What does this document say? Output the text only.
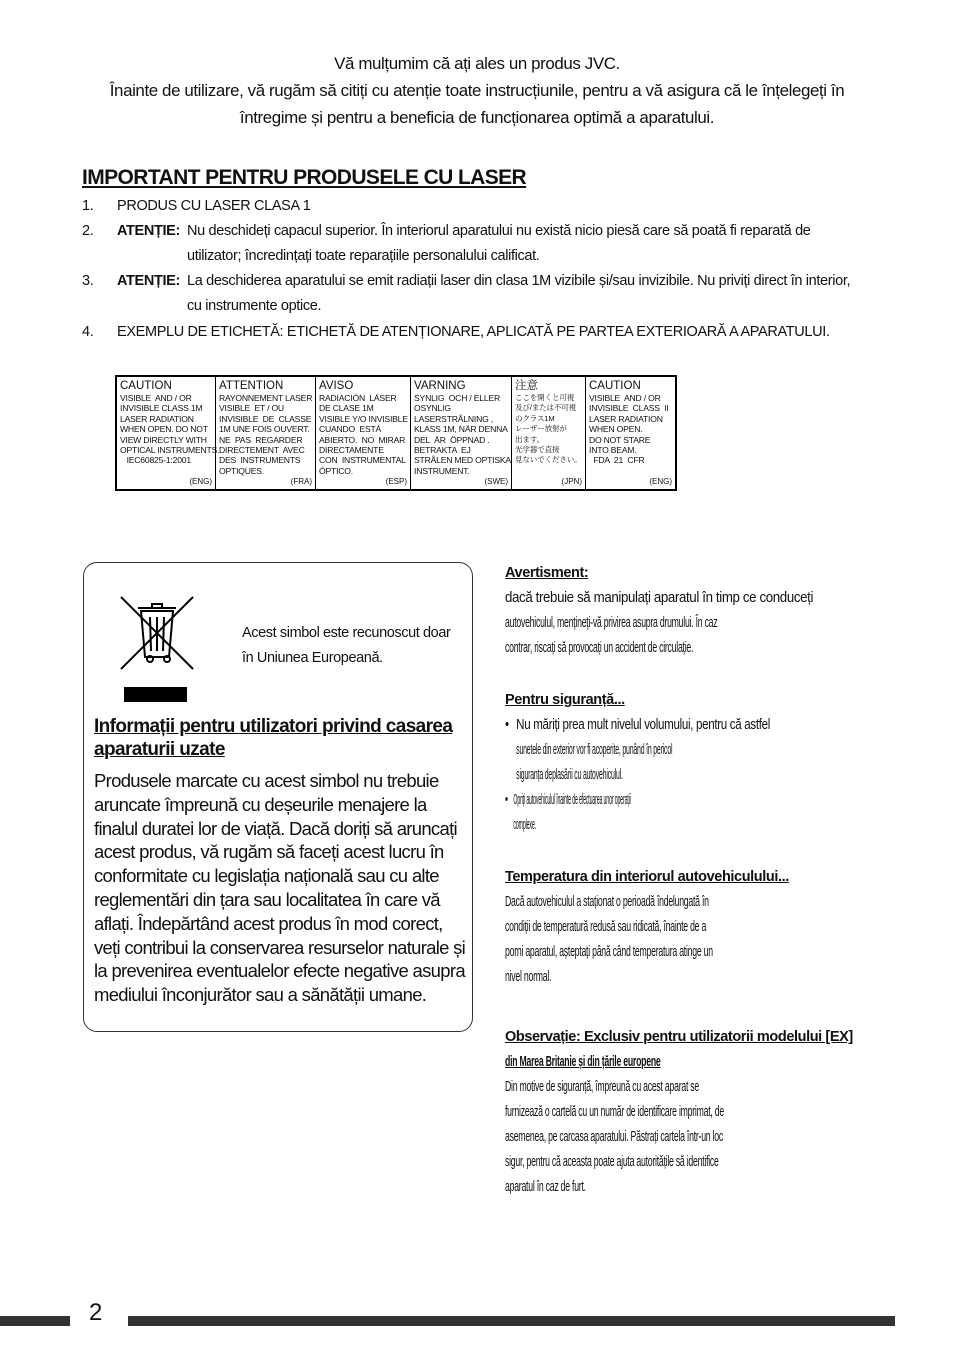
Vă mulțumim că ați ales un produs JVC.
Înainte de utilizare, vă rugăm să citiți cu atenție toate instrucțiunile, pentru a vă asigura că le înțelegeți în
întregime și pentru a beneficia de funcționarea optimă a aparatului.
IMPORTANT PENTRU PRODUSELE CU LASER
1.	PRODUS CU LASER CLASA 1
2.	ATENȚIE: Nu deschideți capacul superior. În interiorul aparatului nu există nicio piesă care să poată fi reparată de
utilizator; încredințați toate reparațiile personalului calificat.
3.	ATENȚIE: La deschiderea aparatului se emit radiații laser din clasa 1M vizibile și/sau invizibile. Nu priviți direct în interior,
cu instrumente optice.
4.	EXEMPLU DE ETICHETĂ: ETICHETĂ DE ATENȚIONARE, APLICATĂ PE PARTEA EXTERIOARĂ A APARATULUI.
CAUTION
VISIBLE  AND / OR
INVISIBLE CLASS 1M
LASER RADIATION
WHEN OPEN. DO NOT
VIEW DIRECTLY WITH
OPTICAL INSTRUMENTS.
IEC60825-1:2001
(ENG)
ATTENTION
RAYONNEMENT LASER
VISIBLE  ET / OU
INVISIBLE  DE  CLASSE
1M UNE FOIS OUVERT.
NE  PAS  REGARDER
DIRECTEMENT  AVEC
DES  INSTRUMENTS
OPTIQUES.
(FRA)
AVISO
RADIACIÓN  LÁSER
DE CLASE 1M
VISIBLE Y/O INVISIBLE
CUANDO  ESTÁ
ABIERTO.  NO  MIRAR
DIRECTAMENTE
CON  INSTRUMENTAL
ÓPTICO.
(ESP)
VARNING
SYNLIG  OCH / ELLER
OSYNLIG
LASERSTRÅLNING ,
KLASS 1M, NÄR DENNA
DEL  ÄR  ÖPPNAD .
BETRAKTA  EJ
STRÅLEN MED OPTISKA
INSTRUMENT.
(SWE)
注意
ここを開くと可視
及び/または不可視
のクラス1M
レーザー放射が
出ます。
光学器で直接
見ないでください。
(JPN)
CAUTION
VISIBLE  AND / OR
INVISIBLE  CLASS  II
LASER RADIATION
WHEN OPEN.
DO NOT STARE
INTO BEAM.
FDA  21  CFR
(ENG)
Acest simbol este recunoscut doar
în Uniunea Europeană.
Informații pentru utilizatori privind casarea
aparaturii uzate
Produsele marcate cu acest simbol nu trebuie
aruncate împreună cu deșeurile menajere la
finalul duratei lor de viață. Dacă doriți să aruncați
acest produs, vă rugăm să faceți acest lucru în
conformitate cu legislația națională sau cu alte
reglementări din țara sau localitatea în care vă
aflați. Îndepărtând acest produs în mod corect,
veți contribui la conservarea resurselor naturale și
la prevenirea eventualelor efecte negative asupra
mediului înconjurător sau a sănătății umane.
Avertisment:
dacă trebuie să manipulați aparatul în timp ce conduceți
autovehiculul, mențineți-vă privirea asupra drumului. În caz
contrar, riscați să provocați un accident de circulație.
Pentru siguranță...
• Nu măriți prea mult nivelul volumului, pentru că astfel
sunetele din exterior vor fi acoperite, punând în pericol
siguranța deplasării cu autovehiculul.
• Opriți autovehiculul înainte de efectuarea unor operații
complexe.
Temperatura din interiorul autovehiculului...
Dacă autovehiculul a staționat o perioadă îndelungată în
condiții de temperatură redusă sau ridicată, înainte de a
porni aparatul, așteptați până când temperatura atinge un
nivel normal.
Observație: Exclusiv pentru utilizatorii modelului [EX]
din Marea Britanie și din țările europene
Din motive de siguranță, împreună cu acest aparat se
furnizează o cartelă cu un număr de identificare imprimat, de
asemenea, pe carcasa aparatului. Păstrați cartela într-un loc
sigur, pentru că aceasta poate ajuta autoritățile să identifice
aparatul în caz de furt.
2
